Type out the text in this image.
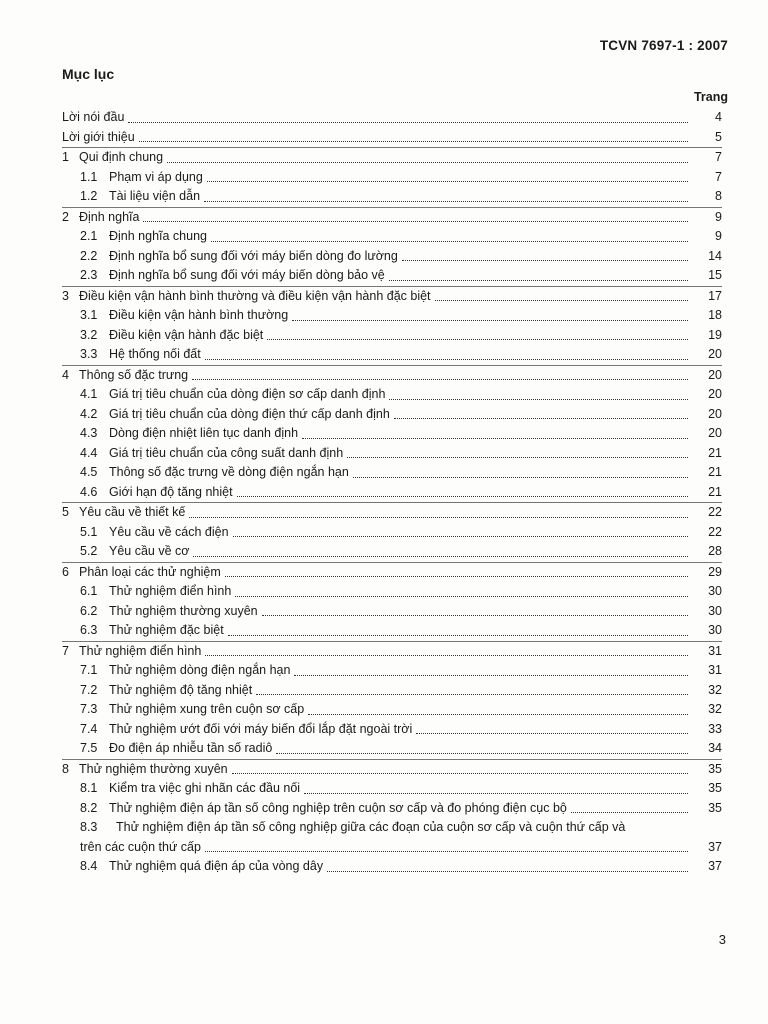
TCVN 7697-1 : 2007
Mục lục
Trang
Lời nói đầu	4
Lời giới thiệu	5
1 Qui định chung	7
1.1 Phạm vi áp dụng	7
1.2 Tài liệu viện dẫn	8
2 Định nghĩa	9
2.1 Định nghĩa chung	9
2.2 Định nghĩa bổ sung đối với máy biến dòng đo lường	14
2.3 Định nghĩa bổ sung đối với máy biến dòng bảo vệ	15
3 Điều kiện vận hành bình thường và điều kiện vận hành đặc biệt	17
3.1 Điều kiện vận hành bình thường	18
3.2 Điều kiện vận hành đặc biệt	19
3.3 Hệ thống nối đất	20
4 Thông số đặc trưng	20
4.1 Giá trị tiêu chuẩn của dòng điện sơ cấp danh định	20
4.2 Giá trị tiêu chuẩn của dòng điện thứ cấp danh định	20
4.3 Dòng điện nhiệt liên tục danh định	20
4.4 Giá trị tiêu chuẩn của công suất danh định	21
4.5 Thông số đặc trưng về dòng điện ngắn hạn	21
4.6 Giới hạn độ tăng nhiệt	21
5 Yêu cầu về thiết kế	22
5.1 Yêu cầu về cách điện	22
5.2 Yêu cầu về cơ	28
6 Phân loại các thử nghiệm	29
6.1 Thử nghiệm điển hình	30
6.2 Thử nghiệm thường xuyên	30
6.3 Thử nghiệm đặc biệt	30
7 Thử nghiệm điển hình	31
7.1 Thử nghiệm dòng điện ngắn hạn	31
7.2 Thử nghiệm độ tăng nhiệt	32
7.3 Thử nghiệm xung trên cuộn sơ cấp	32
7.4 Thử nghiệm ướt đối với máy biến đổi lắp đặt ngoài trời	33
7.5 Đo điện áp nhiễu tần số radiô	34
8 Thử nghiệm thường xuyên	35
8.1 Kiểm tra việc ghi nhãn các đầu nối	35
8.2 Thử nghiệm điện áp tần số công nghiệp trên cuộn sơ cấp và đo phóng điện cục bộ	35
8.3	Thử nghiệm điện áp tần số công nghiệp giữa các đoạn của cuộn sơ cấp và cuộn thứ cấp và
trên các cuộn thứ cấp	37
8.4 Thử nghiệm quá điện áp của vòng dây	37
3
